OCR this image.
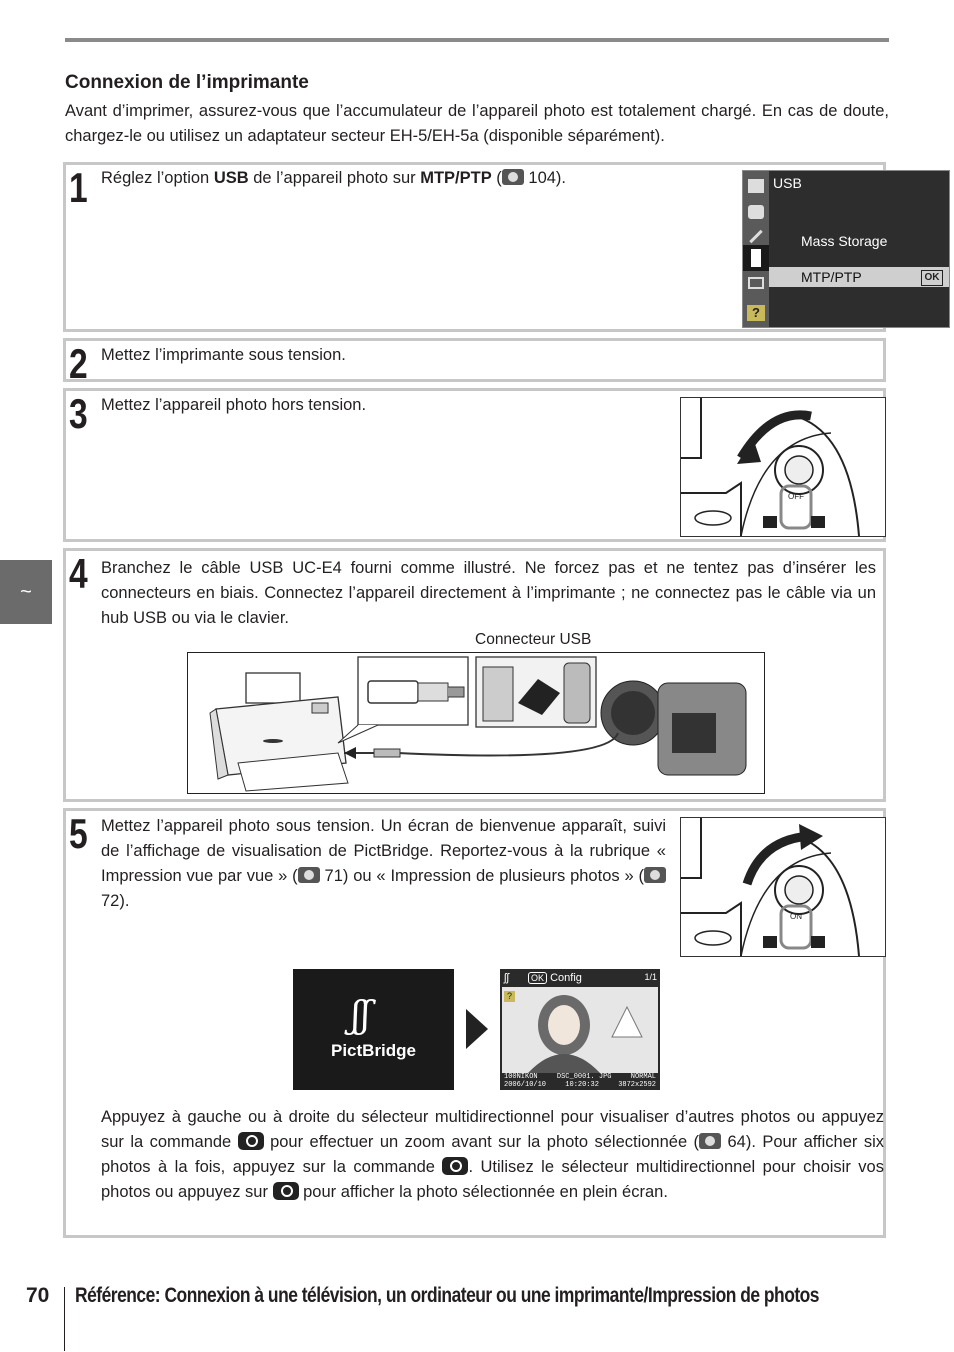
Connexion de l’imprimante

Avant d’imprimer, assurez-vous que l’accumulateur de l’appareil photo est totalement chargé. En cas de doute, chargez-le ou utilisez un adaptateur secteur EH-5/EH-5a (disponible séparément).

~
1 Réglez l’option USB de l’appareil photo sur MTP/PTP ( 104).

?
USB
Mass Storage
MTP/PTP	OK
2 Mettez l’imprimante sous tension.

3 Mettez l’appareil photo hors tension.

OFF
4 Branchez le câble USB UC-E4 fourni comme illustré. Ne forcez pas et ne tentez pas d’insérer les connecteurs en biais. Connectez l’appareil directement à l’imprimante ; ne connectez pas le câble via un hub USB ou via le clavier.

Connecteur USB
5 Mettez l’appareil photo sous tension. Un écran de bienvenue apparaît, suivi de l’affichage de visualisation de PictBridge. Reportez-vous à la rubrique « Impression vue par vue » ( 71) ou « Impression de plusieurs photos » ( 72).

ON
ʃʃ
PictBridge
ʃʃ	OK Config	1/1
?
100NIKON	DSC_0001. JPG	NORMAL
2006/10/10	10:20:32	3872x2592

Appuyez à gauche ou à droite du sélecteur multidirectionnel pour visualiser d’autres photos ou appuyez sur la commande  pour effectuer un zoom avant sur la photo sélectionnée ( 64). Pour afficher six photos à la fois, appuyez sur la commande . Utilisez le sélecteur multidirectionnel pour choisir vos photos ou appuyez sur  pour afficher la photo sélectionnée en plein écran.

70 Référence: Connexion à une télévision, un ordinateur ou une imprimante/Impression de photos
